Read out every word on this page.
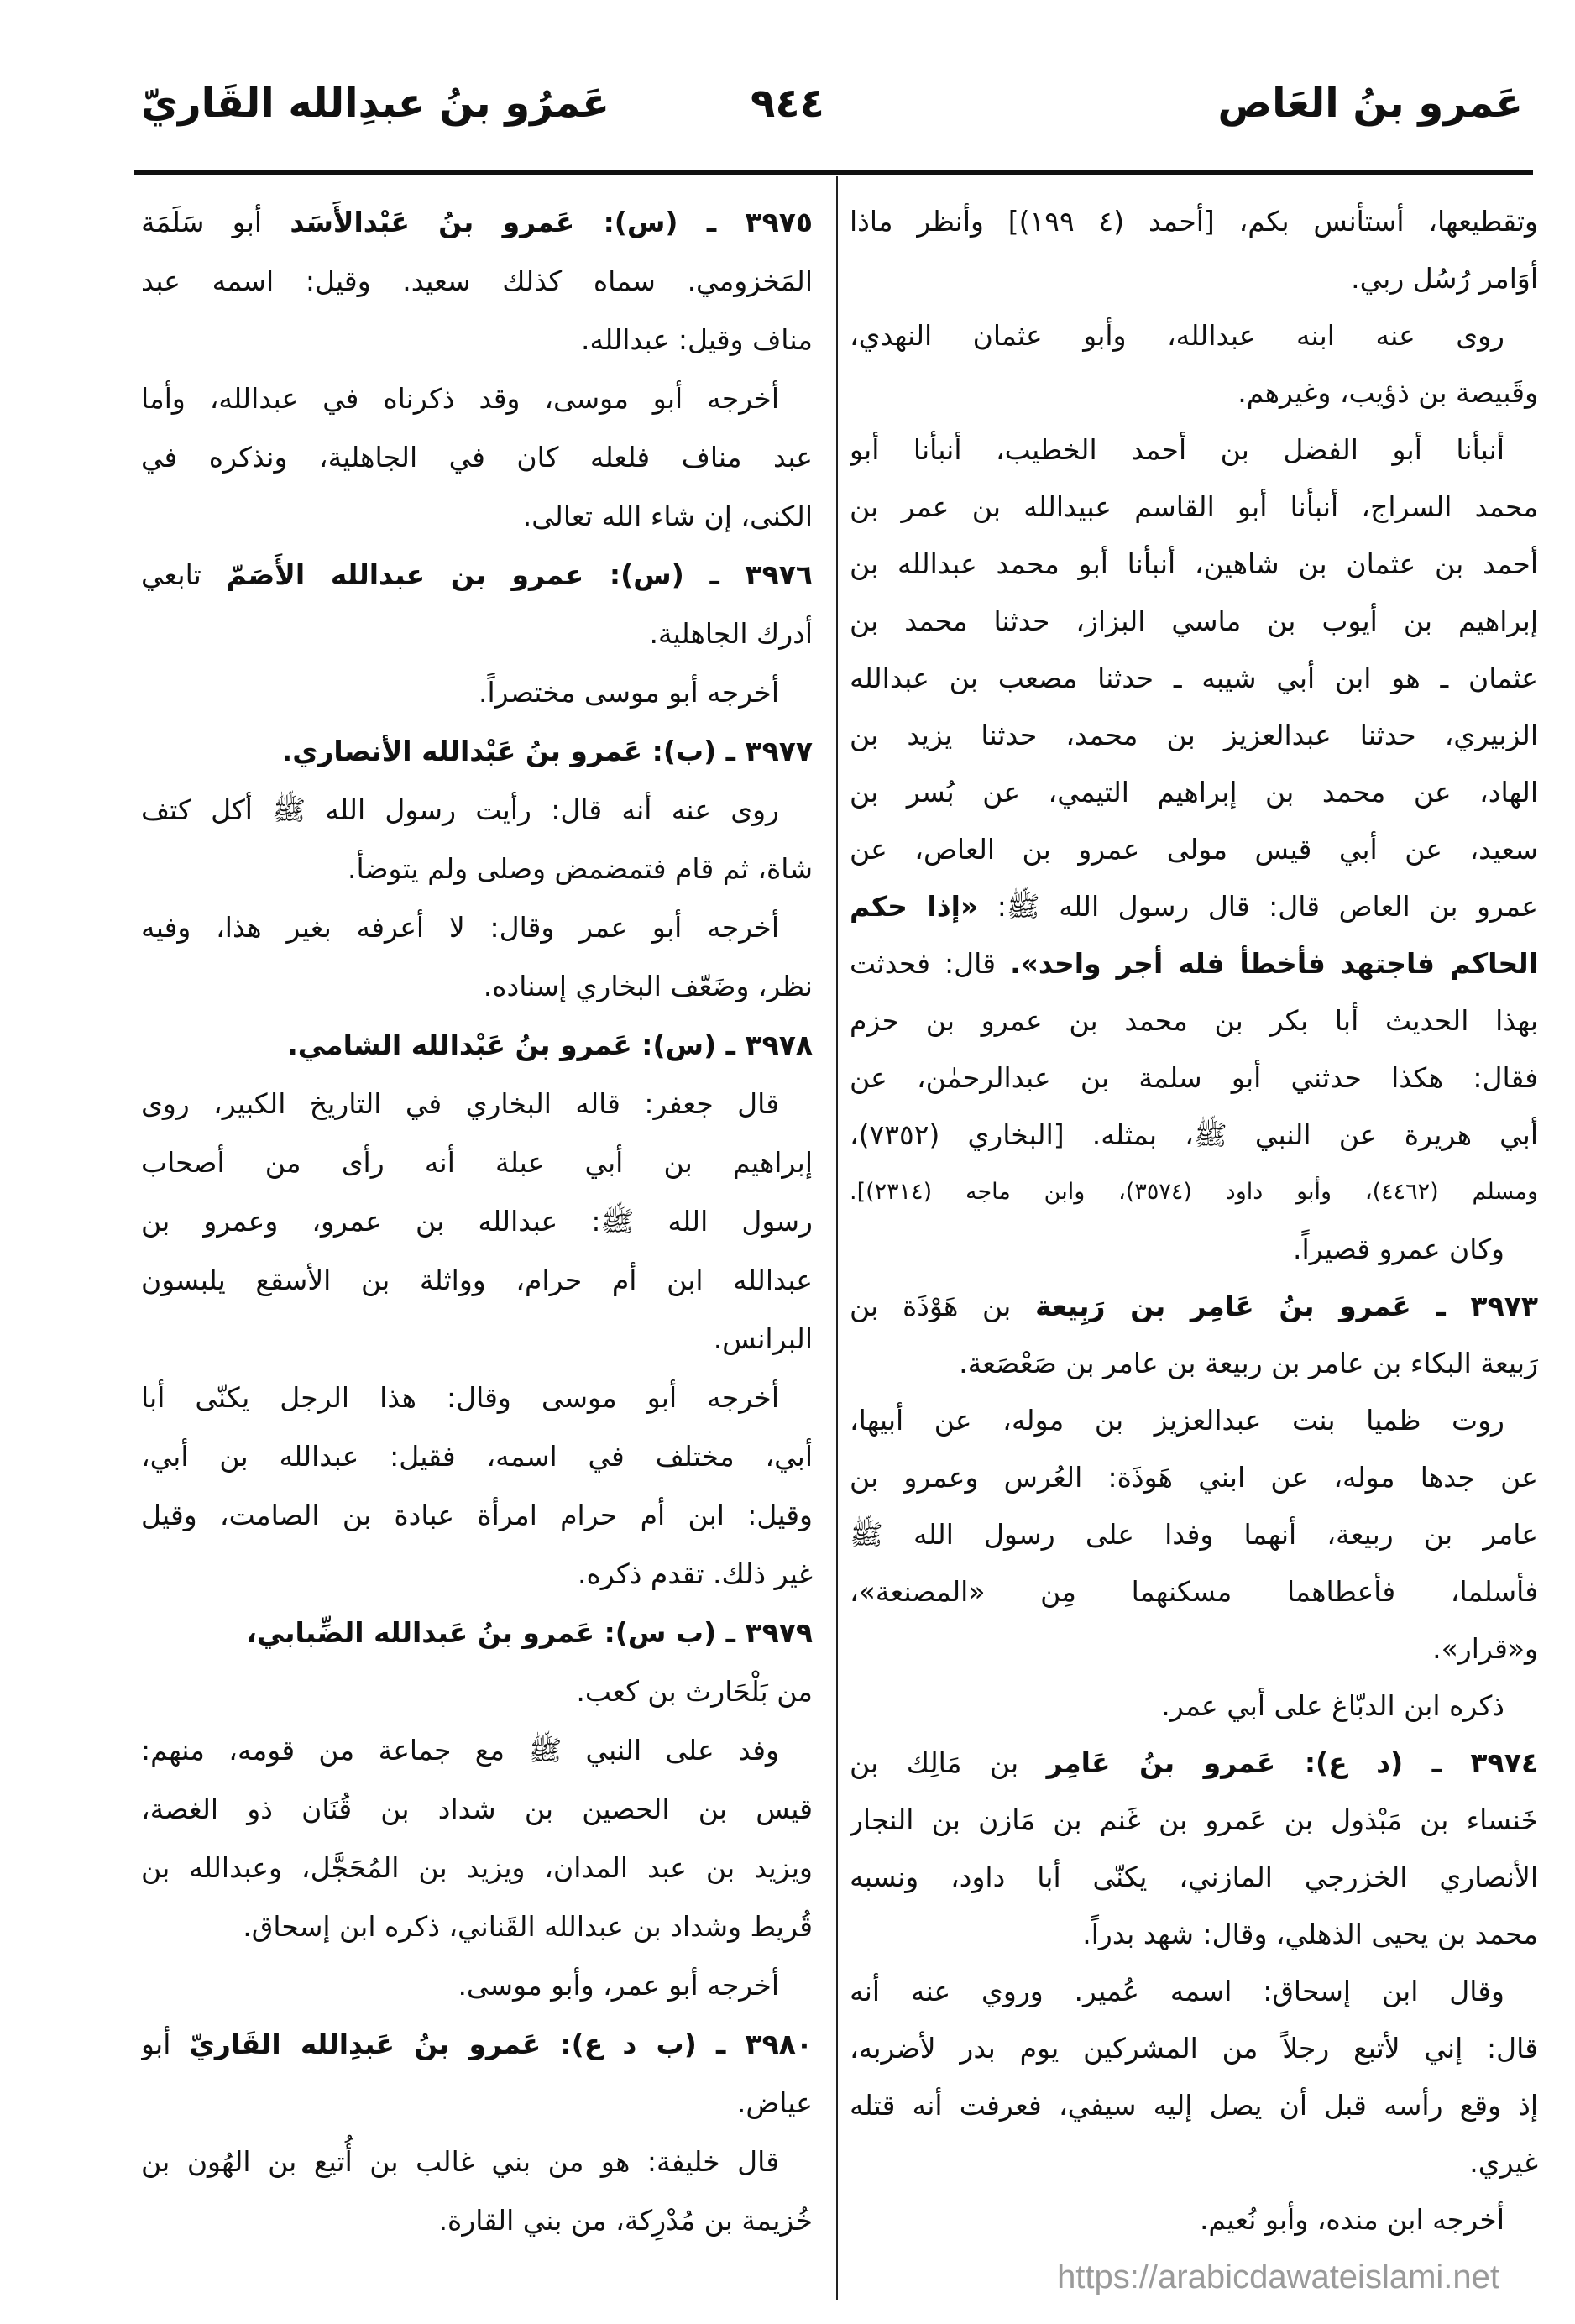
عَمرو بنُ العَاص
٩٤٤
عَمرُو بنُ عبدِالله القَاريّ
وتقطيعها، أستأنس بكم، [أحمد (٤ ١٩٩)] وأنظر ماذا
أوَامر رُسُل ربي.
روى عنه ابنه عبدالله، وأبو عثمان النهدي،
وقَبيصة بن ذؤيب، وغيرهم.
أنبأنا أبو الفضل بن أحمد الخطيب، أنبأنا أبو
محمد السراج، أنبأنا أبو القاسم عبيدالله بن عمر بن
أحمد بن عثمان بن شاهين، أنبأنا أبو محمد عبدالله بن
إبراهيم بن أيوب بن ماسي البزاز، حدثنا محمد بن
عثمان ـ هو ابن أبي شيبه ـ حدثنا مصعب بن عبدالله
الزبيري، حدثنا عبدالعزيز بن محمد، حدثنا يزيد بن
الهاد، عن محمد بن إبراهيم التيمي، عن بُسر بن
سعيد، عن أبي قيس مولى عمرو بن العاص، عن
عمرو بن العاص قال: قال رسول الله ﷺ: «إذا حكم
الحاكم فاجتهد فأخطأ فله أجر واحد». قال: فحدثت
بهذا الحديث أبا بكر بن محمد بن عمرو بن حزم
فقال: هكذا حدثني أبو سلمة بن عبدالرحمٰن، عن
أبي هريرة عن النبي ﷺ، بمثله. [البخاري (٧٣٥٢)،
ومسلم (٤٤٦٢)، وأبو داود (٣٥٧٤)، وابن ماجه (٢٣١٤)].
وكان عمرو قصيراً.
٣٩٧٣ ـ عَمرو بنُ عَامِر بن رَبِيعة بن هَوْذَة بن
رَبيعة البكاء بن عامر بن ربيعة بن عامر بن صَعْصَعة.
روت ظميا بنت عبدالعزيز بن موله، عن أبيها،
عن جدها موله، عن ابني هَوذَة: العُرس وعمرو بن
عامر بن ربيعة، أنهما وفدا على رسول الله ﷺ
فأسلما، فأعطاهما مسكنهما مِن «المصنعة»،
و«قرار».
ذكره ابن الدبّاغ على أبي عمر.
٣٩٧٤ ـ (د ع): عَمرو بنُ عَامِر بن مَالِك بن
خَنساء بن مَبْذول بن عَمرو بن غَنم بن مَازن بن النجار
الأنصاري الخزرجي المازني، يكنّى أبا داود، ونسبه
محمد بن يحيى الذهلي، وقال: شهد بدراً.
وقال ابن إسحاق: اسمه عُمير. وروي عنه أنه
قال: إني لأتبع رجلاً من المشركين يوم بدر لأضربه،
إذ وقع رأسه قبل أن يصل إليه سيفي، فعرفت أنه قتله
غيري.
أخرجه ابن منده، وأبو نُعيم.
٣٩٧٥ ـ (س): عَمرو بنُ عَبْدالأَسَد أبو سَلَمَة
المَخزومي. سماه كذلك سعيد. وقيل: اسمه عبد
مناف وقيل: عبدالله.
أخرجه أبو موسى، وقد ذكرناه في عبدالله، وأما
عبد مناف فلعله كان في الجاهلية، ونذكره في
الكنى، إن شاء الله تعالى.
٣٩٧٦ ـ (س): عمرو بن عبدالله الأَصَمّ تابعي
أدرك الجاهلية.
أخرجه أبو موسى مختصراً.
٣٩٧٧ ـ (ب): عَمرو بنُ عَبْدالله الأنصاري.
روى عنه أنه قال: رأيت رسول الله ﷺ أكل كتف
شاة، ثم قام فتمضمض وصلى ولم يتوضأ.
أخرجه أبو عمر وقال: لا أعرفه بغير هذا، وفيه
نظر، وضَعّف البخاري إسناده.
٣٩٧٨ ـ (س): عَمرو بنُ عَبْدالله الشامي.
قال جعفر: قاله البخاري في التاريخ الكبير، روى
إبراهيم بن أبي عبلة أنه رأى من أصحاب
رسول الله ﷺ: عبدالله بن عمرو، وعمرو بن
عبدالله ابن أم حرام، وواثلة بن الأسقع يلبسون
البرانس.
أخرجه أبو موسى وقال: هذا الرجل يكنّى أبا
أبي، مختلف في اسمه، فقيل: عبدالله بن أبي،
وقيل: ابن أم حرام امرأة عبادة بن الصامت، وقيل
غير ذلك. تقدم ذكره.
٣٩٧٩ ـ (ب س): عَمرو بنُ عَبدالله الضِّبابي،
من بَلْحَارث بن كعب.
وفد على النبي ﷺ مع جماعة من قومه، منهم:
قيس بن الحصين بن شداد بن قُنَان ذو الغصة،
ويزيد بن عبد المدان، ويزيد بن المُحَجَّل، وعبدالله بن
قُريط وشداد بن عبدالله القَناني، ذكره ابن إسحاق.
أخرجه أبو عمر، وأبو موسى.
٣٩٨٠ ـ (ب د ع): عَمرو بنُ عَبدِالله القَاريّ أبو
عياض.
قال خليفة: هو من بني غالب بن أُتيع بن الهُون بن
خُزيمة بن مُدْرِكة، من بني القارة.
https://arabicdawateislami.net
